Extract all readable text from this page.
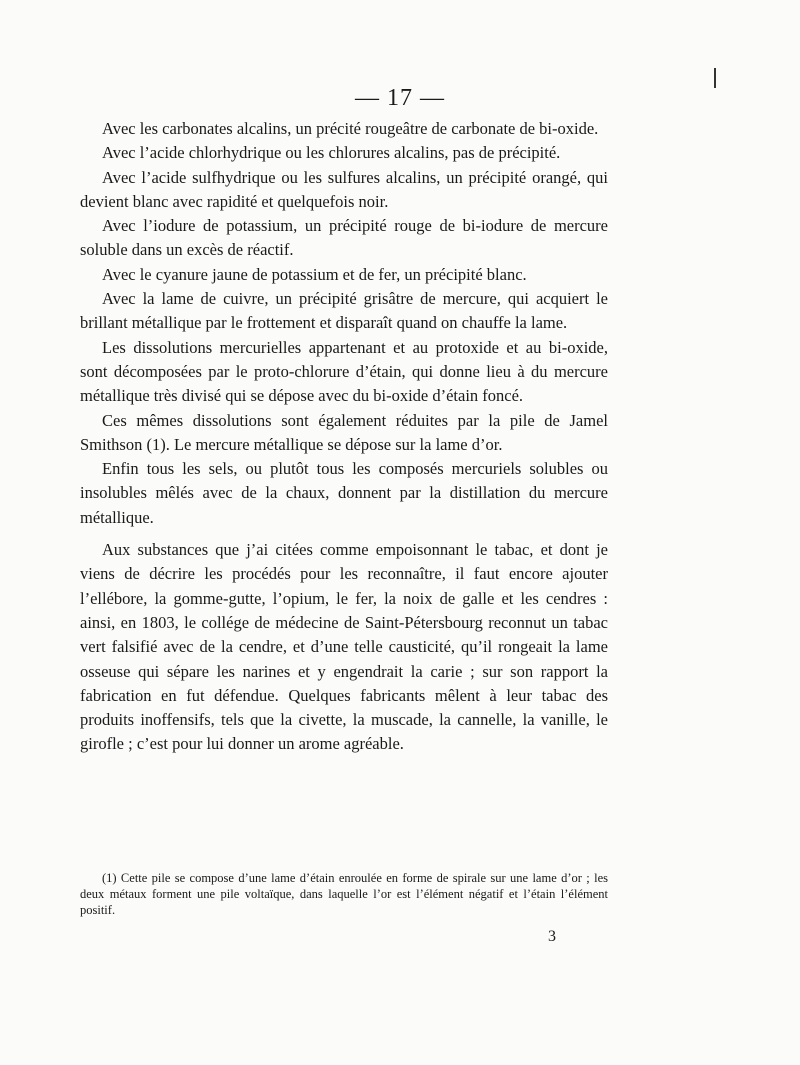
— 17 —

Avec les carbonates alcalins, un précité rougeâtre de carbonate de bi-oxide.

Avec l’acide chlorhydrique ou les chlorures alcalins, pas de précipité.

Avec l’acide sulfhydrique ou les sulfures alcalins, un précipité orangé, qui devient blanc avec rapidité et quelquefois noir.

Avec l’iodure de potassium, un précipité rouge de bi-iodure de mercure soluble dans un excès de réactif.

Avec le cyanure jaune de potassium et de fer, un précipité blanc.

Avec la lame de cuivre, un précipité grisâtre de mercure, qui acquiert le brillant métallique par le frottement et disparaît quand on chauffe la lame.

Les dissolutions mercurielles appartenant et au protoxide et au bi-oxide, sont décomposées par le proto-chlorure d’étain, qui donne lieu à du mercure métallique très divisé qui se dépose avec du bi-oxide d’étain foncé.

Ces mêmes dissolutions sont également réduites par la pile de Jamel Smithson (1). Le mercure métallique se dépose sur la lame d’or.

Enfin tous les sels, ou plutôt tous les composés mercuriels solubles ou insolubles mêlés avec de la chaux, donnent par la distillation du mercure métallique.

Aux substances que j’ai citées comme empoisonnant le tabac, et dont je viens de décrire les procédés pour les reconnaître, il faut encore ajouter l’ellébore, la gomme-gutte, l’opium, le fer, la noix de galle et les cendres : ainsi, en 1803, le collége de médecine de Saint-Pétersbourg reconnut un tabac vert falsifié avec de la cendre, et d’une telle causticité, qu’il rongeait la lame osseuse qui sépare les narines et y engendrait la carie ; sur son rapport la fabrication en fut défendue. Quelques fabricants mêlent à leur tabac des produits inoffensifs, tels que la civette, la muscade, la cannelle, la vanille, le girofle ; c’est pour lui donner un arome agréable.

(1) Cette pile se compose d’une lame d’étain enroulée en forme de spirale sur une lame d’or ; les deux métaux forment une pile voltaïque, dans laquelle l’or est l’élément négatif et l’étain l’élément positif.

3
